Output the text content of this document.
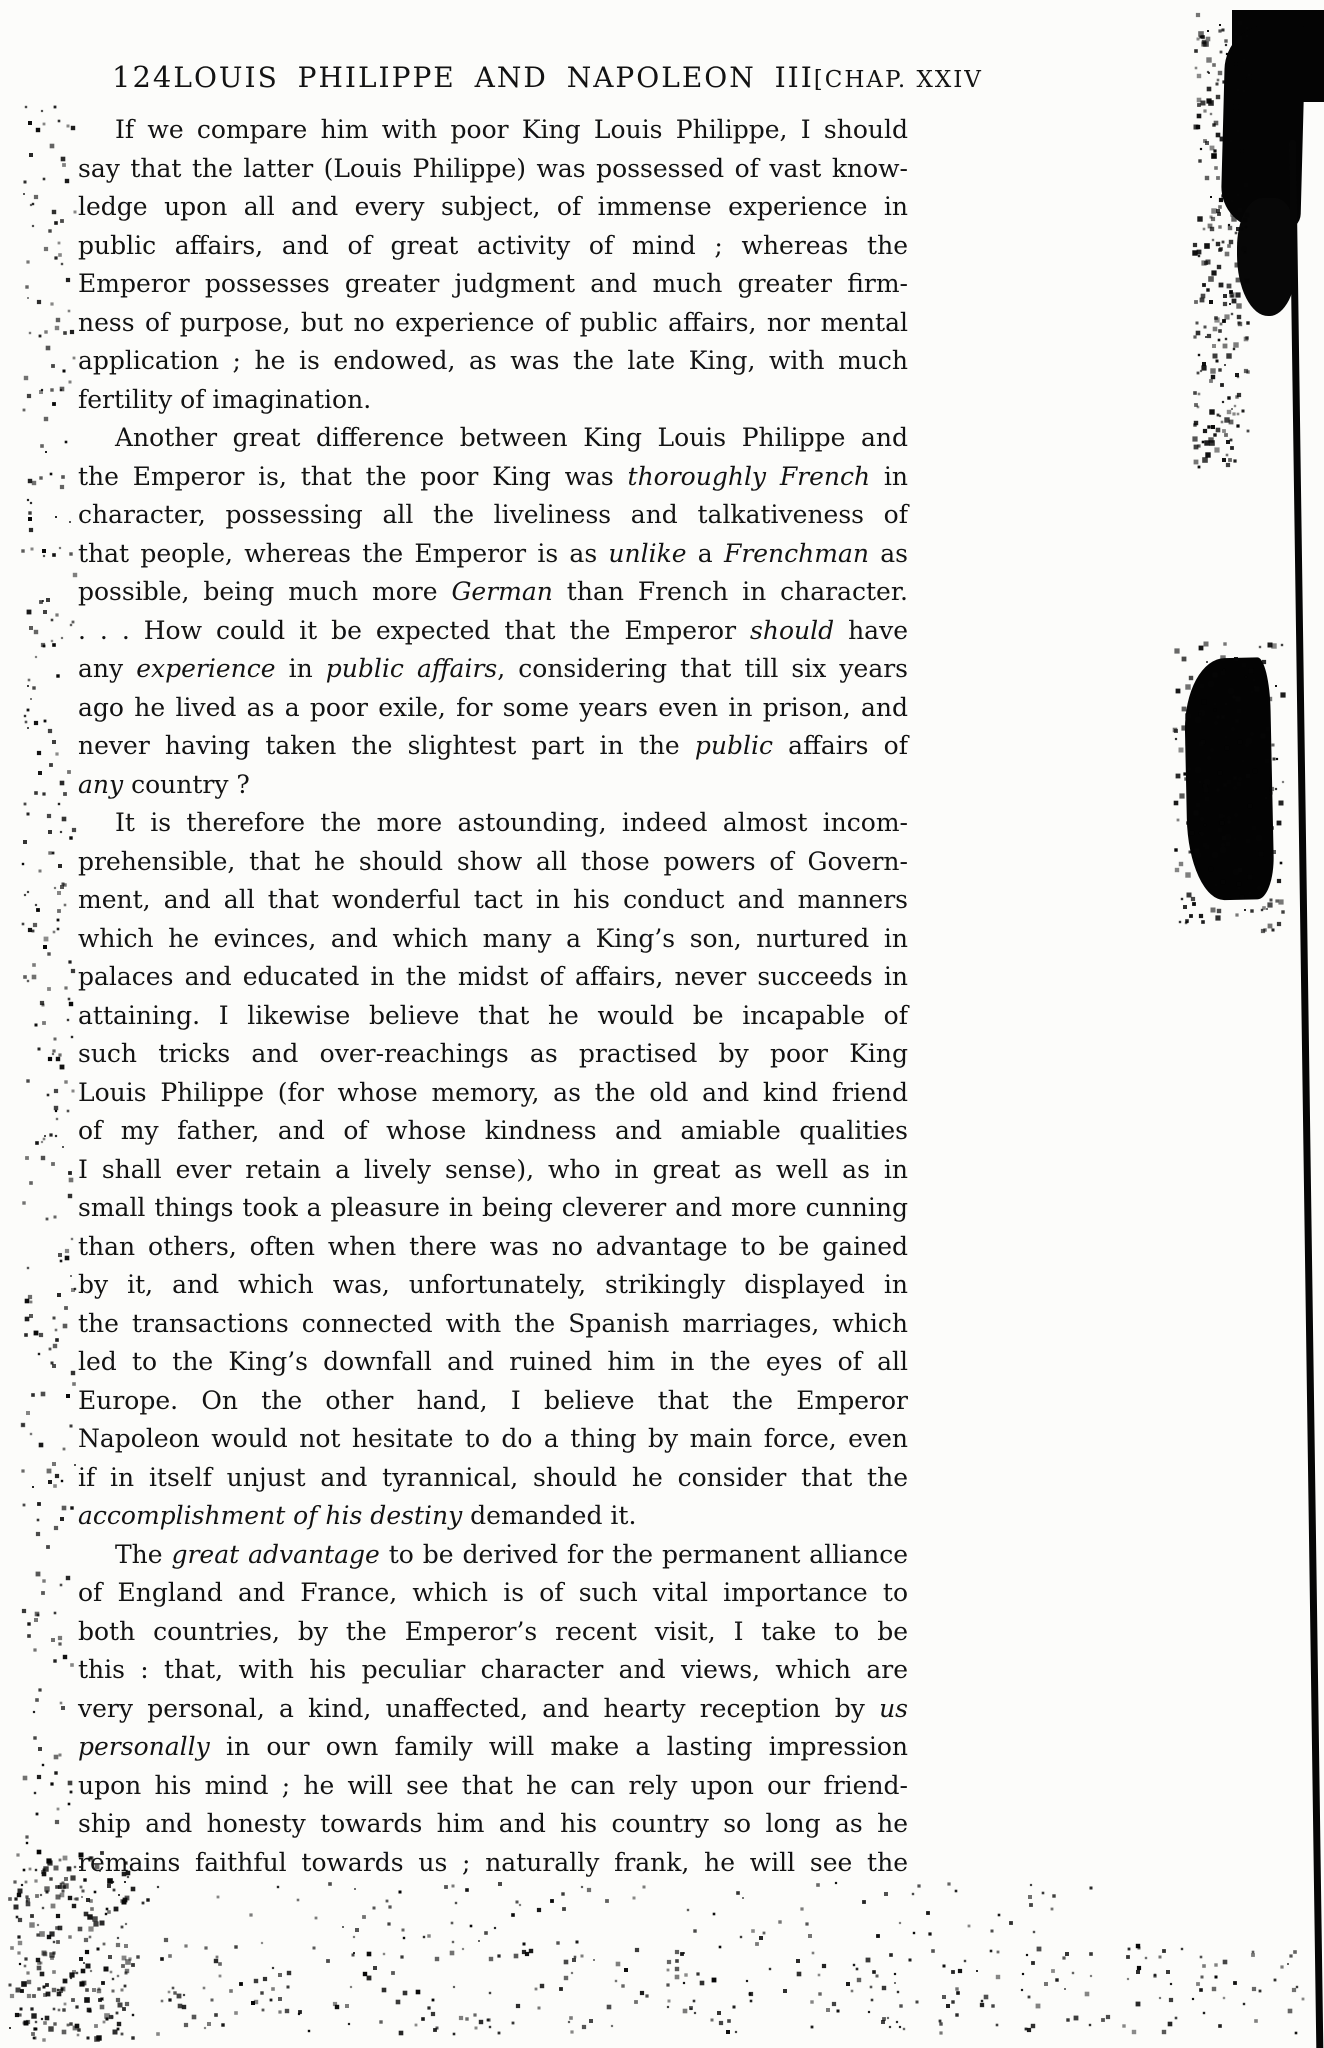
124 LOUIS PHILIPPE AND NAPOLEON III [CHAP. XXIV
If we compare him with poor King Louis Philippe, I should
say that the latter (Louis Philippe) was possessed of vast know-
ledge upon all and every subject, of immense experience in
public affairs, and of great activity of mind ; whereas the
Emperor possesses greater judgment and much greater firm-
ness of purpose, but no experience of public affairs, nor mental
application ; he is endowed, as was the late King, with much
fertility of imagination.
Another great difference between King Louis Philippe and
the Emperor is, that the poor King was thoroughly French in
character, possessing all the liveliness and talkativeness of
that people, whereas the Emperor is as unlike a Frenchman as
possible, being much more German than French in character.
. . . How could it be expected that the Emperor should have
any experience in public affairs, considering that till six years
ago he lived as a poor exile, for some years even in prison, and
never having taken the slightest part in the public affairs of
any country ?
It is therefore the more astounding, indeed almost incom-
prehensible, that he should show all those powers of Govern-
ment, and all that wonderful tact in his conduct and manners
which he evinces, and which many a King’s son, nurtured in
palaces and educated in the midst of affairs, never succeeds in
attaining. I likewise believe that he would be incapable of
such tricks and over-reachings as practised by poor King
Louis Philippe (for whose memory, as the old and kind friend
of my father, and of whose kindness and amiable qualities
I shall ever retain a lively sense), who in great as well as in
small things took a pleasure in being cleverer and more cunning
than others, often when there was no advantage to be gained
by it, and which was, unfortunately, strikingly displayed in
the transactions connected with the Spanish marriages, which
led to the King’s downfall and ruined him in the eyes of all
Europe. On the other hand, I believe that the Emperor
Napoleon would not hesitate to do a thing by main force, even
if in itself unjust and tyrannical, should he consider that the
accomplishment of his destiny demanded it.
The great advantage to be derived for the permanent alliance
of England and France, which is of such vital importance to
both countries, by the Emperor’s recent visit, I take to be
this : that, with his peculiar character and views, which are
very personal, a kind, unaffected, and hearty reception by us
personally in our own family will make a lasting impression
upon his mind ; he will see that he can rely upon our friend-
ship and honesty towards him and his country so long as he
remains faithful towards us ; naturally frank, he will see the
